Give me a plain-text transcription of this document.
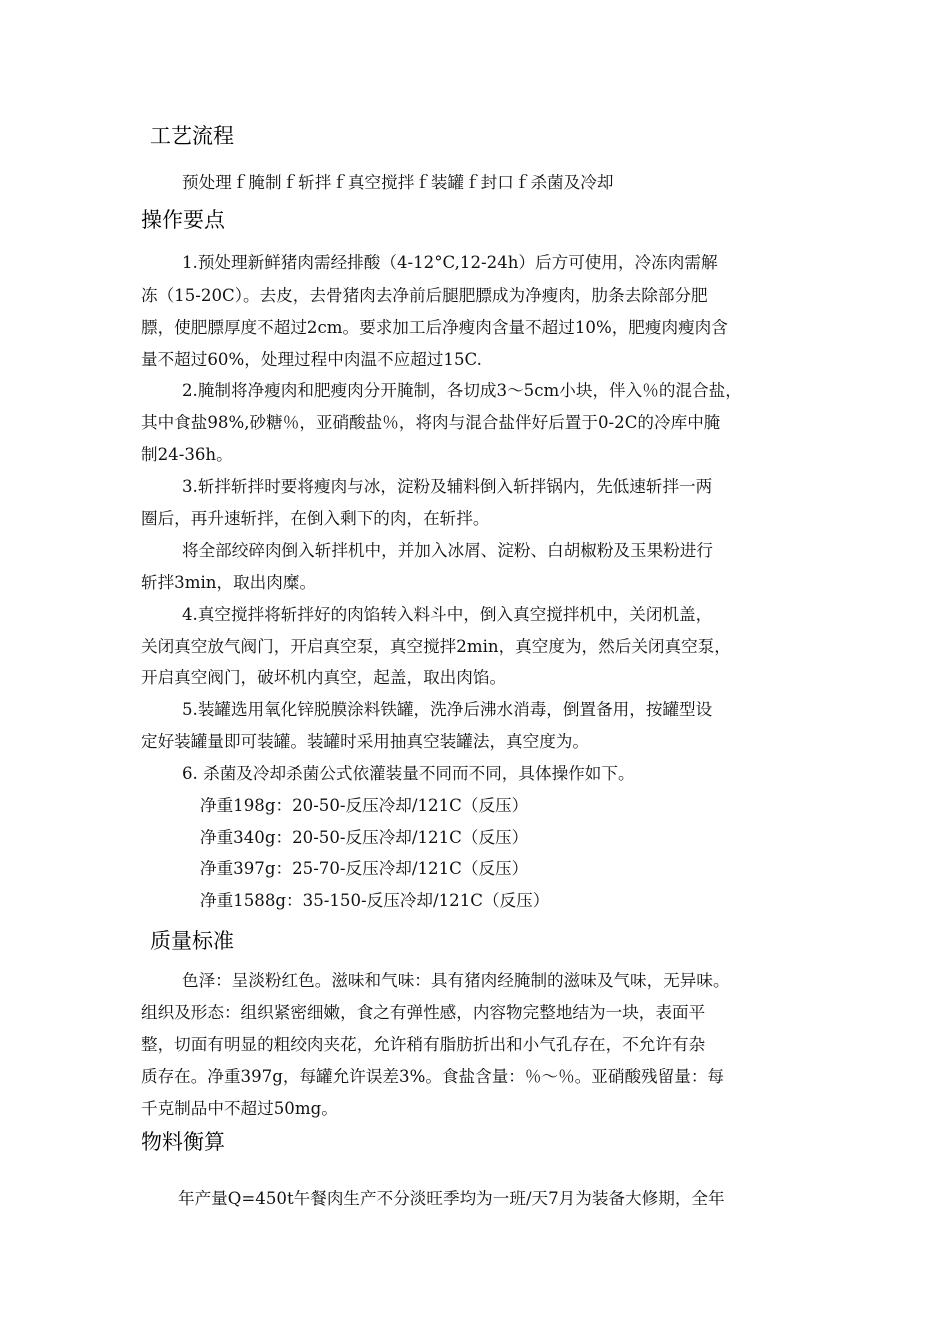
工艺流程

预处理ｆ腌制ｆ斩拌ｆ真空搅拌ｆ装罐ｆ封口ｆ杀菌及冷却

操作要点

1.预处理新鲜猪肉需经排酸（4-12°C,12-24h）后方可使用，冷冻肉需解

冻（15-20C）。去皮，去骨猪肉去净前后腿肥膘成为净瘦肉，肋条去除部分肥

膘，使肥膘厚度不超过2cm。要求加工后净瘦肉含量不超过10%，肥瘦肉瘦肉含

量不超过60%，处理过程中肉温不应超过15C.

2.腌制将净瘦肉和肥瘦肉分开腌制，各切成3～5cm小块，伴入％的混合盐，

其中食盐98%,砂糖％，亚硝酸盐％，将肉与混合盐伴好后置于0-2C的冷库中腌

制24-36h。

3.斩拌斩拌时要将瘦肉与冰，淀粉及辅料倒入斩拌锅内，先低速斩拌一两

圈后，再升速斩拌，在倒入剩下的肉，在斩拌。

将全部绞碎肉倒入斩拌机中，并加入冰屑、淀粉、白胡椒粉及玉果粉进行

斩拌3min，取出肉糜。

4.真空搅拌将斩拌好的肉馅转入料斗中，倒入真空搅拌机中，关闭机盖，

关闭真空放气阀门，开启真空泵，真空搅拌2min，真空度为，然后关闭真空泵，

开启真空阀门，破坏机内真空，起盖，取出肉馅。

5.装罐选用氧化锌脱膜涂料铁罐，洗净后沸水消毒，倒置备用，按罐型设

定好装罐量即可装罐。装罐时采用抽真空装罐法，真空度为。

6. 杀菌及冷却杀菌公式依灌装量不同而不同，具体操作如下。

净重198g：20-50-反压冷却/121C（反压）

净重340g：20-50-反压冷却/121C（反压）

净重397g：25-70-反压冷却/121C（反压）

净重1588g：35-150-反压冷却/121C（反压）

质量标准

色泽：呈淡粉红色。滋味和气味：具有猪肉经腌制的滋味及气味，无异味。

组织及形态：组织紧密细嫩，食之有弹性感，内容物完整地结为一块，表面平

整，切面有明显的粗绞肉夹花，允许稍有脂肪折出和小气孔存在，不允许有杂

质存在。净重397g，每罐允许误差3%。食盐含量：％～％。亚硝酸残留量：每

千克制品中不超过50mg。

物料衡算

年产量Q=450t午餐肉生产不分淡旺季均为一班/天7月为装备大修期，全年
